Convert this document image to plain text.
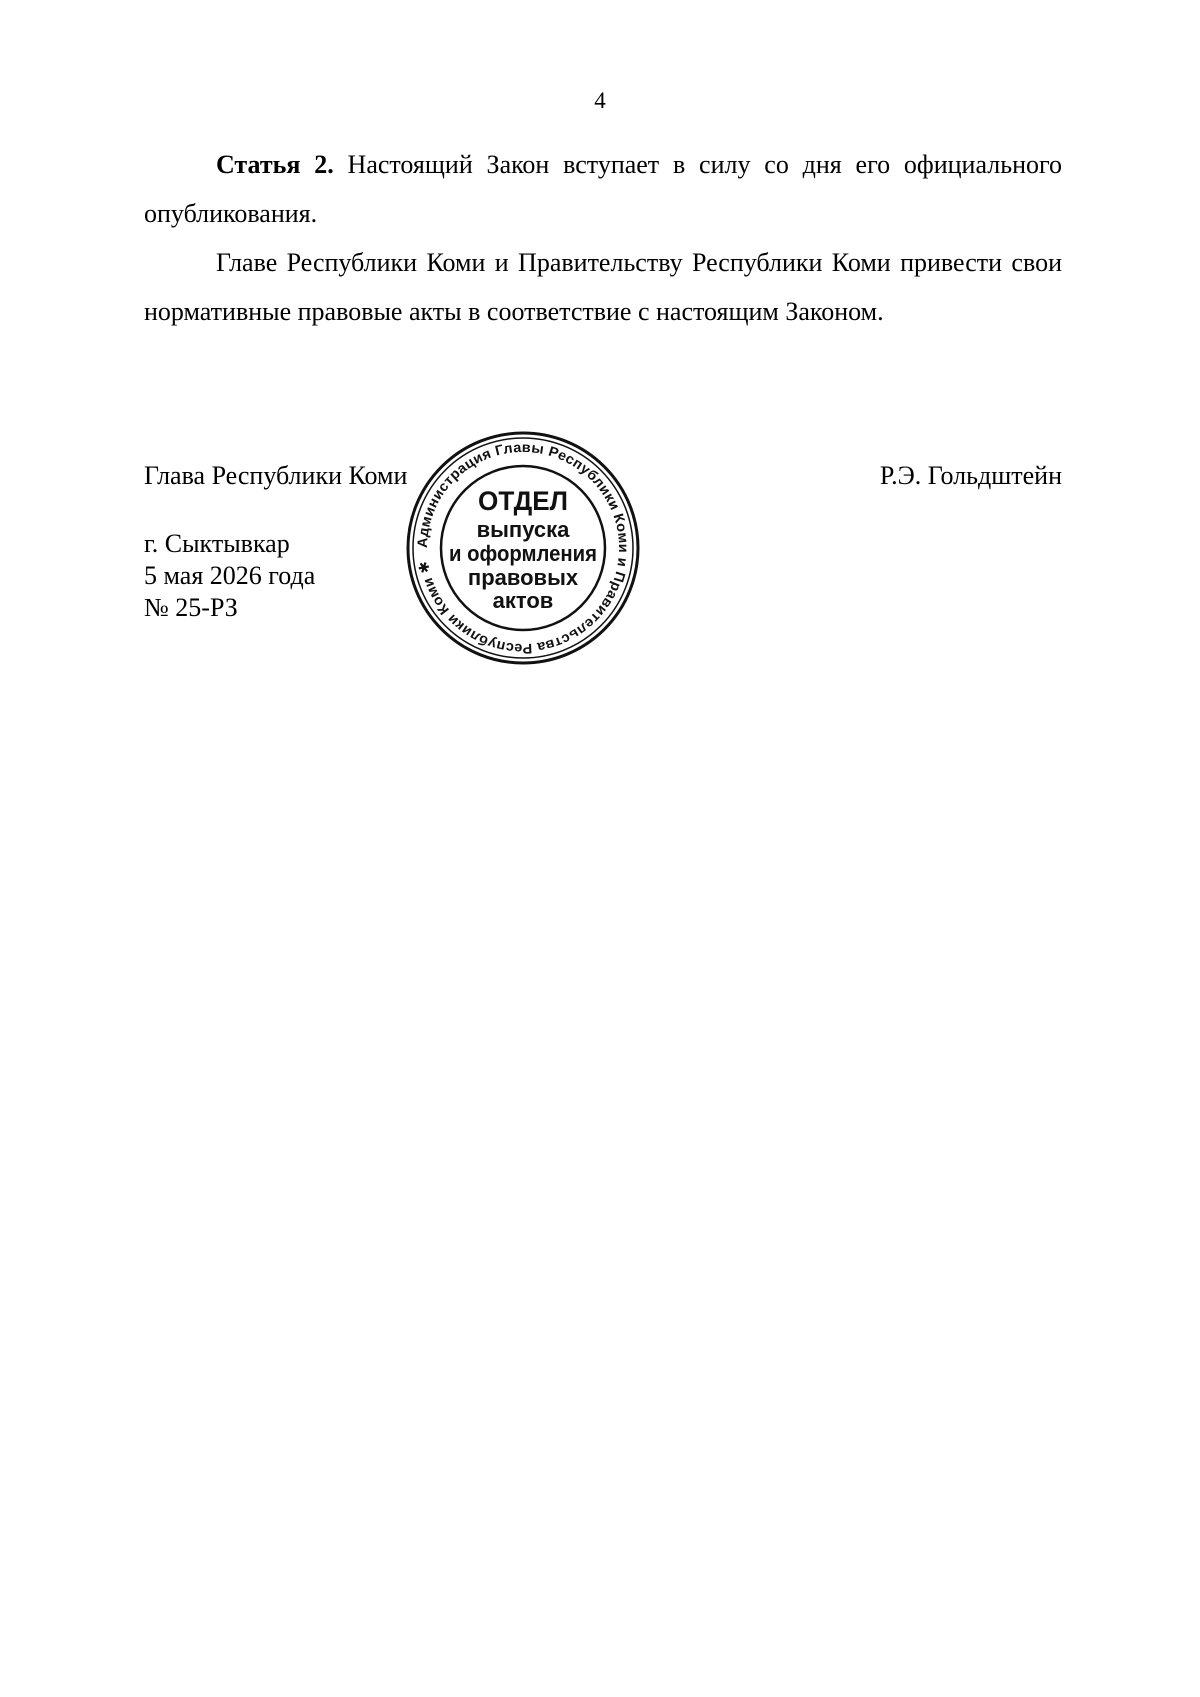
4

Статья 2. Настоящий Закон вступает в силу со дня его официального опубликования.

Главе Республики Коми и Правительству Республики Коми привести свои нормативные правовые акты в соответствие с настоящим Законом.

Глава Республики Коми	Р.Э. Гольдштейн
г. Сыктывкар
5 мая 2026 года
№ 25-РЗ
Администрация Главы Республики Коми и Правительства Республики Коми ✱
ОТДЕЛ
выпуска
и оформления
правовых
актов
